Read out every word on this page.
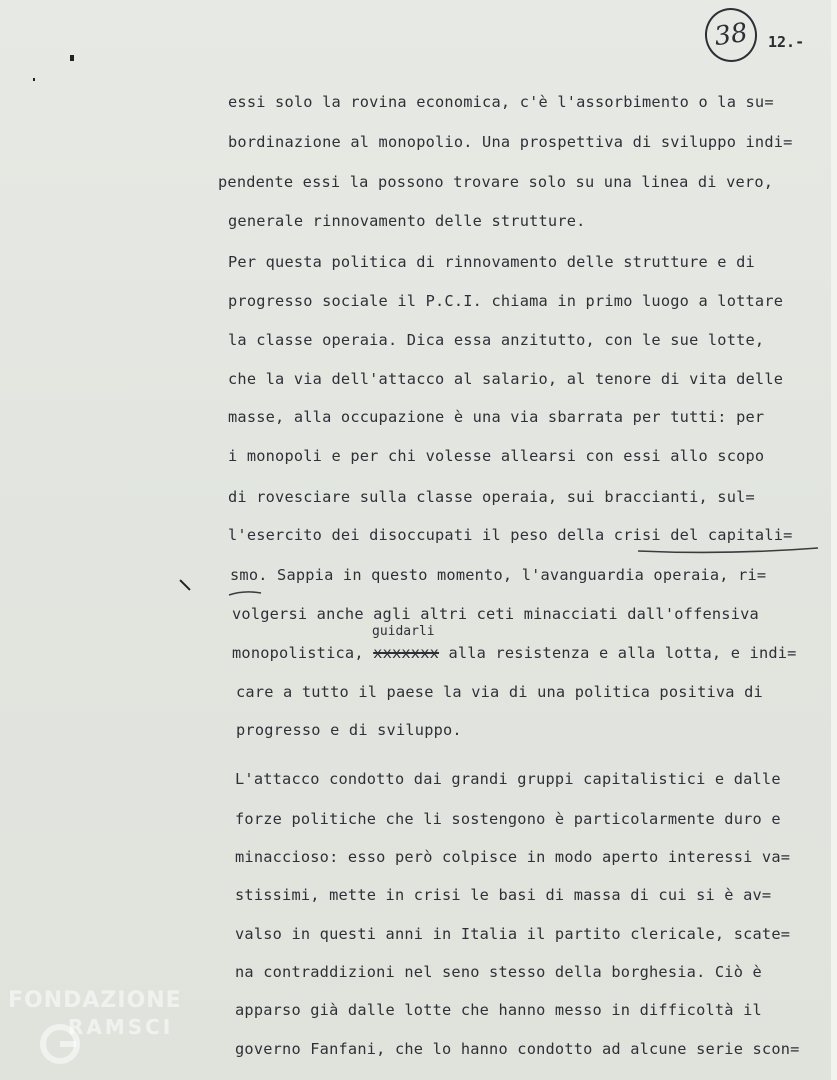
38 12.-
essi solo la rovina economica, c'è l'assorbimento o la su=
bordinazione al monopolio. Una prospettiva di sviluppo indi=
pendente essi la possono trovare solo su una linea di vero,
generale rinnovamento delle strutture.
Per questa politica di rinnovamento delle strutture e di
progresso sociale il P.C.I. chiama in primo luogo a lottare
la classe operaia. Dica essa anzitutto, con le sue lotte,
che la via dell'attacco al salario, al tenore di vita delle
masse, alla occupazione è una via sbarrata per tutti: per
i monopoli e per chi volesse allearsi con essi allo scopo
di rovesciare sulla classe operaia, sui braccianti, sul=
l'esercito dei disoccupati il peso della crisi del capitali=
smo. Sappia in questo momento, l'avanguardia operaia, ri=
volgersi anche agli altri ceti minacciati dall'offensiva
guidarli
monopolistica, xxxxxxx alla resistenza e alla lotta, e indi=
care a tutto il paese la via di una politica positiva di
progresso e di sviluppo.
L'attacco condotto dai grandi gruppi capitalistici e dalle
forze politiche che li sostengono è particolarmente duro e
minaccioso: esso però colpisce in modo aperto interessi va=
stissimi, mette in crisi le basi di massa di cui si è av=
valso in questi anni in Italia il partito clericale, scate=
na contraddizioni nel seno stesso della borghesia. Ciò è
apparso già dalle lotte che hanno messo in difficoltà il
governo Fanfani, che lo hanno condotto ad alcune serie scon=
FONDAZIONE
RAMSCI
